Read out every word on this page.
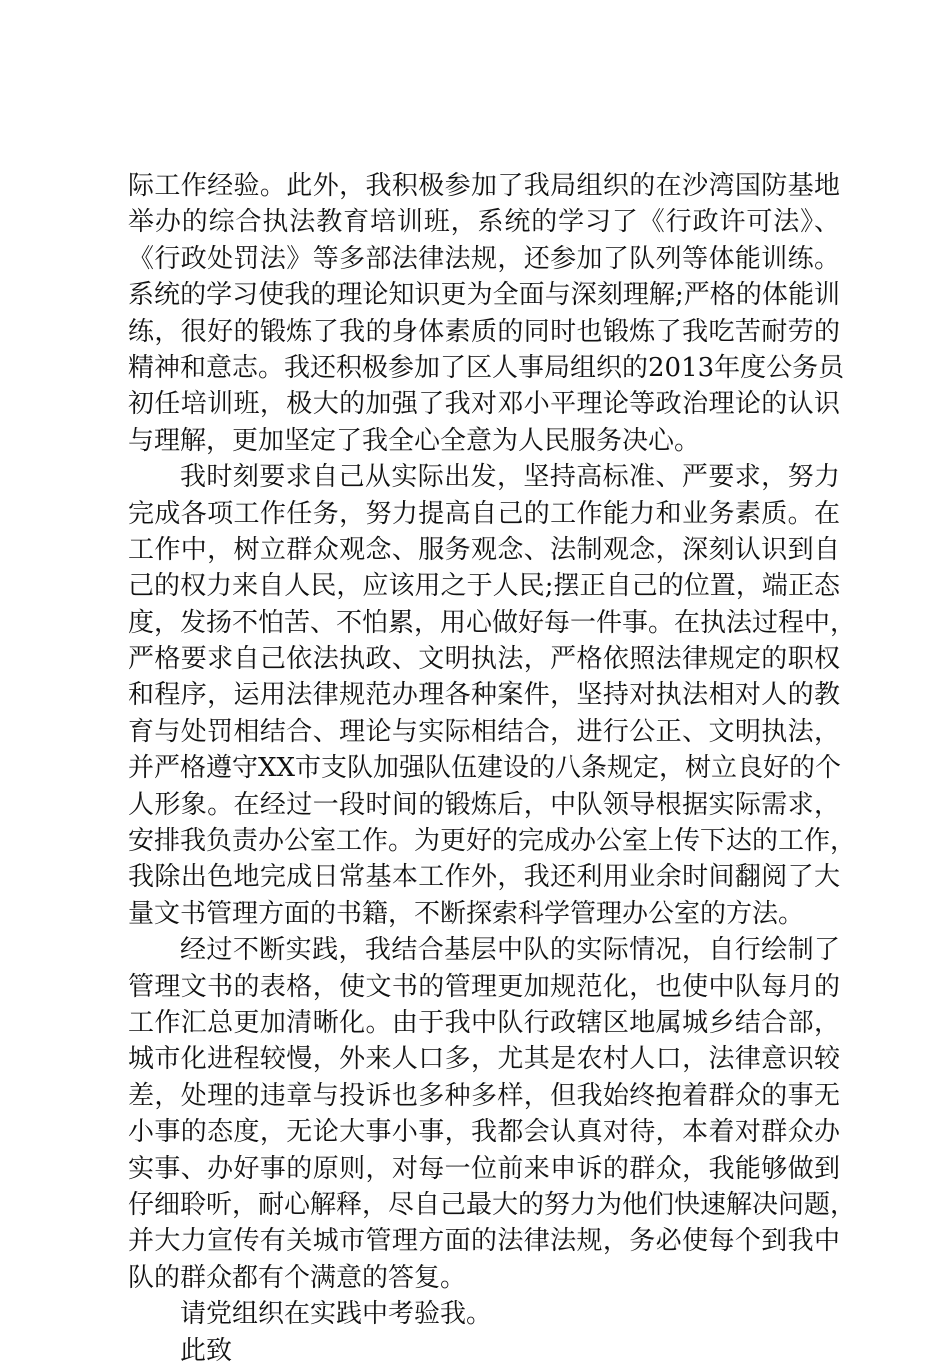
际工作经验。此外，我积极参加了我局组织的在沙湾国防基地
举办的综合执法教育培训班，系统的学习了《行政许可法》、
《行政处罚法》等多部法律法规，还参加了队列等体能训练。
系统的学习使我的理论知识更为全面与深刻理解;严格的体能训
练，很好的锻炼了我的身体素质的同时也锻炼了我吃苦耐劳的
精神和意志。我还积极参加了区人事局组织的2013年度公务员
初任培训班，极大的加强了我对邓小平理论等政治理论的认识
与理解，更加坚定了我全心全意为人民服务决心。
我时刻要求自己从实际出发，坚持高标准、严要求，努力
完成各项工作任务，努力提高自己的工作能力和业务素质。在
工作中，树立群众观念、服务观念、法制观念，深刻认识到自
己的权力来自人民，应该用之于人民;摆正自己的位置，端正态
度，发扬不怕苦、不怕累，用心做好每一件事。在执法过程中，
严格要求自己依法执政、文明执法，严格依照法律规定的职权
和程序，运用法律规范办理各种案件，坚持对执法相对人的教
育与处罚相结合、理论与实际相结合，进行公正、文明执法，
并严格遵守XX市支队加强队伍建设的八条规定，树立良好的个
人形象。在经过一段时间的锻炼后，中队领导根据实际需求，
安排我负责办公室工作。为更好的完成办公室上传下达的工作，
我除出色地完成日常基本工作外，我还利用业余时间翻阅了大
量文书管理方面的书籍，不断探索科学管理办公室的方法。
经过不断实践，我结合基层中队的实际情况，自行绘制了
管理文书的表格，使文书的管理更加规范化，也使中队每月的
工作汇总更加清晰化。由于我中队行政辖区地属城乡结合部，
城市化进程较慢，外来人口多，尤其是农村人口，法律意识较
差，处理的违章与投诉也多种多样，但我始终抱着群众的事无
小事的态度，无论大事小事，我都会认真对待，本着对群众办
实事、办好事的原则，对每一位前来申诉的群众，我能够做到
仔细聆听，耐心解释，尽自己最大的努力为他们快速解决问题，
并大力宣传有关城市管理方面的法律法规，务必使每个到我中
队的群众都有个满意的答复。
请党组织在实践中考验我。
此致
